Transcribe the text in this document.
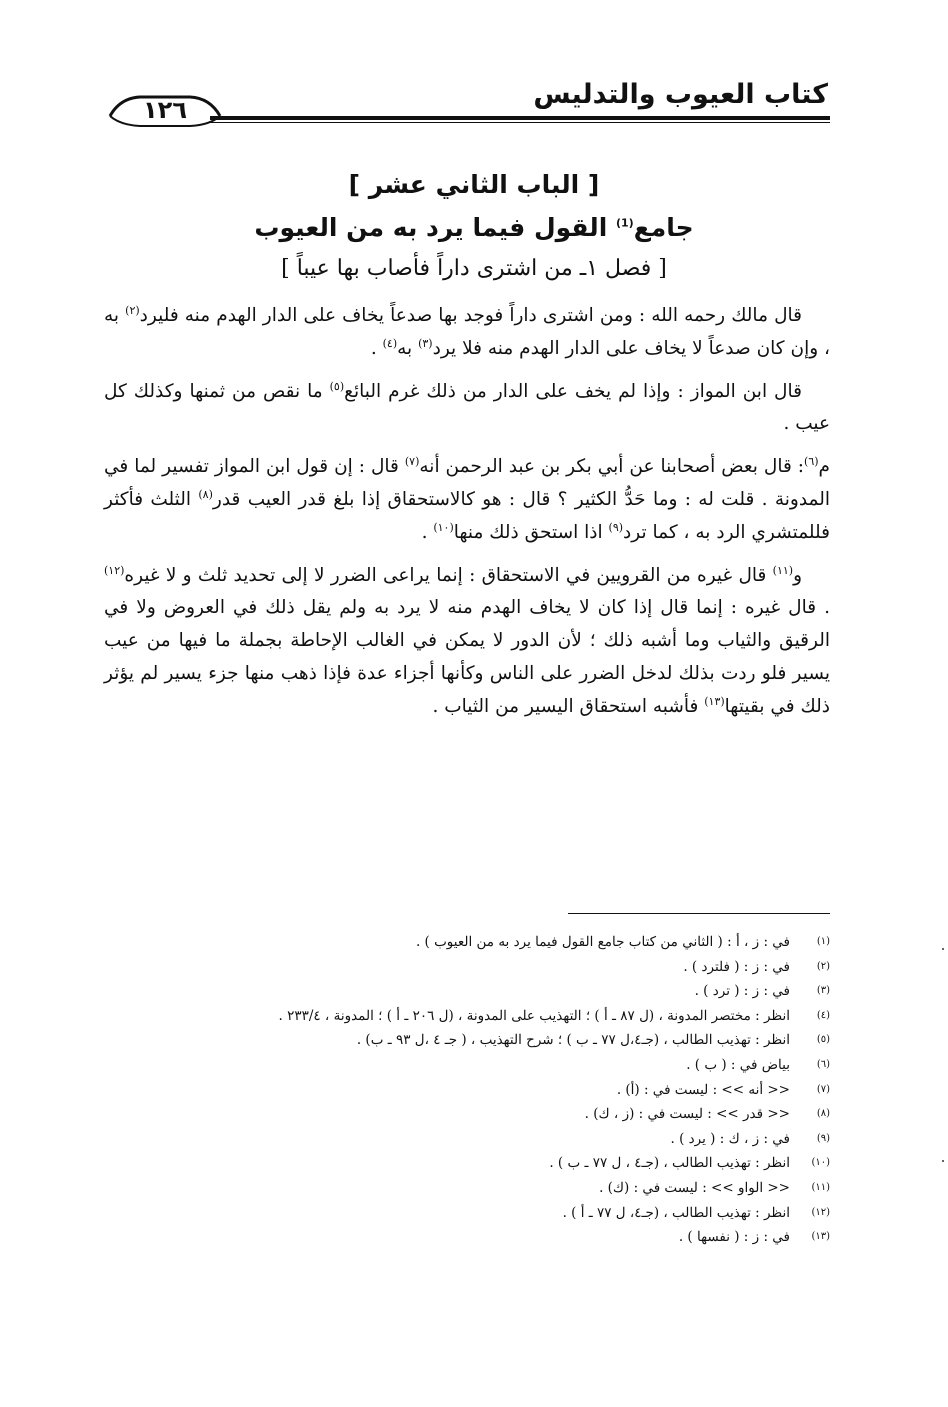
كتاب العيوب والتدليس
١٢٦
[ الباب الثاني عشر ]
جامع$^{(1)}$ القول فيما يرد به من العيوب
[ فصل ١ـ من اشترى داراً فأصاب بها عيباً ]

قال مالك رحمه الله : ومن اشترى داراً فوجد بها صدعاً يخاف على الدار الهدم منه فليرد$^{(٢)}$ به ، وإن كان صدعاً لا يخاف على الدار الهدم منه فلا يرد$^{(٣)}$ به$^{(٤)}$ .

قال ابن المواز : وإذا لم يخف على الدار من ذلك غرم البائع$^{(٥)}$ ما نقص من ثمنها وكذلك كل عيب .

م$^{(٦)}$: قال بعض أصحابنا عن أبي بكر بن عبد الرحمن أنه$^{(٧)}$ قال : إن قول ابن المواز تفسير لما في المدونة . قلت له : وما حَدُّ الكثير ؟ قال : هو كالاستحقاق إذا بلغ قدر العيب قدر$^{(٨)}$ الثلث فأكثر فللمتشري الرد به ، كما ترد$^{(٩)}$ اذا استحق ذلك منها$^{(١٠)}$ .

و$^{(١١)}$ قال غيره من القرويين في الاستحقاق : إنما يراعى الضرر لا إلى تحديد ثلث و لا غيره$^{(١٢)}$ . قال غيره : إنما قال إذا كان لا يخاف الهدم منه لا يرد به ولم يقل ذلك في العروض ولا في الرقيق والثياب وما أشبه ذلك ؛ لأن الدور لا يمكن في الغالب الإحاطة بجملة ما فيها من عيب يسير فلو ردت بذلك لدخل الضرر على الناس وكأنها أجزاء عدة فإذا ذهب منها جزء يسير لم يؤثر ذلك في بقيتها$^{(١٣)}$ فأشبه استحقاق اليسير من الثياب .

(١)
في : ز ، أ : ( الثاني من كتاب جامع القول فيما يرد به من العيوب ) .
(٢)
في : ز : ( فلترد ) .
(٣)
في : ز : ( ترد ) .
(٤)
انظر : مختصر المدونة ، (ل ٨٧ ـ أ ) ؛ التهذيب على المدونة ، (ل ٢٠٦ ـ أ ) ؛ المدونة ، ٢٣٣/٤ .
(٥)
انظر : تهذيب الطالب ، (جـ٤،ل ٧٧ ـ ب ) ؛ شرح التهذيب ، ( جـ ٤ ،ل ٩٣ ـ ب) .
(٦)
بياض في : ( ب ) .
(٧)
<< أنه >> : ليست في : (أ) .
(٨)
<< قدر >> : ليست في : (ز ، ك) .
(٩)
في : ز ، ك : ( يرد ) .
(١٠)
انظر : تهذيب الطالب ، (جـ٤ ، ل ٧٧ ـ ب ) .
(١١)
<< الواو >> : ليست في : (ك) .
(١٢)
انظر : تهذيب الطالب ، (جـ٤، ل ٧٧ ـ أ ) .
(١٣)
في : ز : ( نفسها ) .
